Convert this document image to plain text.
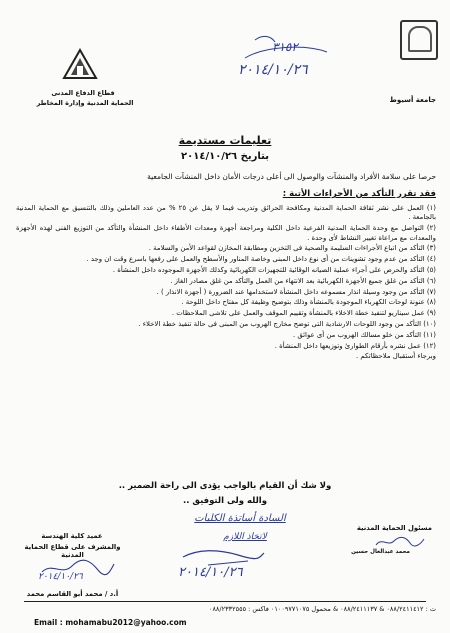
جامعة أسيوط
قطاع الدفاع المدنى
الحماية المدنية وإدارة المخاطر
٣١٥٢
٢٠١٤/١٠/٢٦
تعليمات مستديمة
بتاريخ ٢٠١٤/١٠/٢٦
حرصا على سلامة الأفراد والمنشآت والوصول الى أعلى درجات الأمان داخل المنشآت الجامعية
فقد تقرر التأكد من الأجراءات الأتية :
(١) العمل على نشر ثقافة الحماية المدنية ومكافحة الحرائق وتدريب فيما لا يقل عن ٢٥ % من عدد العاملين وذلك بالتنسيق مع الحماية المدنية بالجامعة .
(٢) التواصل مع وحدة الحماية المدنية الفرعية داخل الكلية ومراجعة أجهزة ومعدات الأطفاء داخل المنشأة والتأكد من التوزيع الفنى لهذه الأجهزة والمعدات مع مراعاة تغيير النشاط لأى وحدة .
(٣) التأكد من اتباع الأجراءات السليمة والصحية فى التخزين ومطابقة المخازن لقواعد الأمن والسلامة .
(٤) التأكد من عدم وجود تشوينات من أى نوع داخل المبنى وخاصة المناور والأسطح والعمل على رفعها باسرع وقت ان وجد .
(٥) التأكد والحرص على أجراء عملية الصيانه الوقائية للتجهيزات الكهربائية وكذلك الأجهزة الموجوده داخل المنشأة .
(٦) التأكد من غلق جميع الأجهزة الكهربائية بعد الانتهاء من العمل والتأكد من غلق مصادر الغاز .
(٧) التأكد من وجود وسيلة انذار مسموعه داخل المنشأة لاستخدامها عند الضرورة ( أجهزة الانذار ) .
(٨) عنونة لوحات الكهرباء الموجودة بالمنشأة وذلك بتوضيح وظيفة كل مفتاح داخل اللوحة .
(٩) عمل سيناريو لتنفيذ خطة الاخلاء بالمنشأة وتقييم الموقف والعمل على تلاشى الملاحظات .
(١٠) التأكد من وجود اللوحات الارشادية التى توضح مخارج الهروب من المبنى فى حالة تنفيذ خطة الاخلاء .
(١١) التأكد من خلو مسالك الهروب من أى عوائق .
(١٢) عمل نشره بأرقام الطوارئ وتوزيعها داخل المنشأة .
وبرجاء أستقبال ملاحظاتكم .
ولا شك أن القيام بالواجب يؤدى الى راحة الضمير ..
والله ولى التوفيق ..
مسئول الحماية المدنية
محمد عبدالعال حسين
السادة أساتذة الكليات
لاتخاذ اللازم
٢٠١٤/١٠/٢٦
عميد كلية الهندسة
والمشرف على قطاع الحماية المدنية
٢٠١٤/١٠/٢٦
أ.د / محمد أبو القاسم محمد
ت : ٠٨٨/٢٤١١٤١٢ & ٠٨٨/٢٤١١١٣٧ & محمول ٠١٠٠٩٧٧١٠٧٥ فاكس : ٠٨٨/٢٣٣٢٥٥٥
Email : mohamabu2012@yahoo.com
